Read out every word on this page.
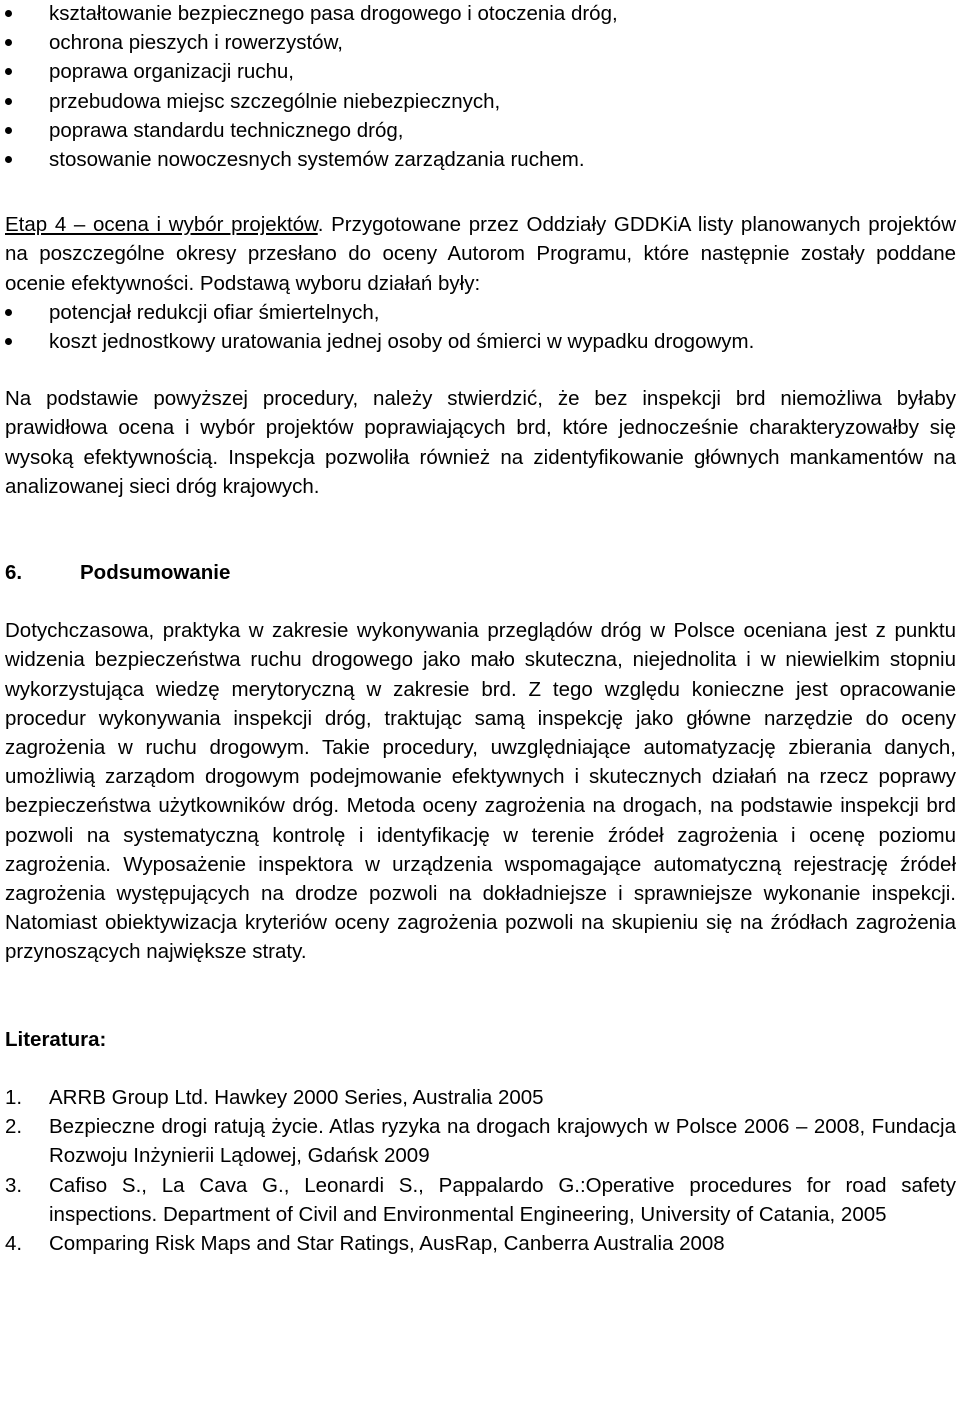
kształtowanie bezpiecznego pasa drogowego i otoczenia dróg,
ochrona pieszych i rowerzystów,
poprawa organizacji ruchu,
przebudowa miejsc szczególnie niebezpiecznych,
poprawa standardu technicznego dróg,
stosowanie nowoczesnych systemów zarządzania ruchem.

Etap 4 – ocena i wybór projektów. Przygotowane przez Oddziały GDDKiA listy planowanych projektów na poszczególne okresy przesłano do oceny Autorom Programu, które następnie zostały poddane ocenie efektywności. Podstawą wyboru działań były:

potencjał redukcji ofiar śmiertelnych,
koszt jednostkowy uratowania jednej osoby od śmierci w wypadku drogowym.

Na podstawie powyższej procedury, należy stwierdzić, że bez inspekcji brd niemożliwa byłaby prawidłowa ocena i wybór projektów poprawiających brd, które jednocześnie charakteryzowałby się wysoką efektywnością. Inspekcja pozwoliła również na zidentyfikowanie głównych mankamentów na analizowanej sieci dróg krajowych.

6.	Podsumowanie

Dotychczasowa, praktyka w zakresie wykonywania przeglądów dróg w Polsce oceniana jest z punktu widzenia bezpieczeństwa ruchu drogowego jako mało skuteczna, niejednolita i w niewielkim stopniu wykorzystująca wiedzę merytoryczną w zakresie brd. Z tego względu konieczne jest opracowanie procedur wykonywania inspekcji dróg, traktując samą inspekcję jako główne narzędzie do oceny zagrożenia w ruchu drogowym. Takie procedury, uwzględniające automatyzację zbierania danych, umożliwią zarządom drogowym podejmowanie efektywnych i skutecznych działań na rzecz poprawy bezpieczeństwa użytkowników dróg. Metoda oceny zagrożenia na drogach, na podstawie inspekcji brd pozwoli na systematyczną kontrolę i identyfikację w terenie źródeł zagrożenia i ocenę poziomu zagrożenia. Wyposażenie inspektora w urządzenia wspomagające automatyczną rejestrację źródeł zagrożenia występujących na drodze pozwoli na dokładniejsze i sprawniejsze wykonanie inspekcji. Natomiast obiektywizacja kryteriów oceny zagrożenia pozwoli na skupieniu się na źródłach zagrożenia przynoszących największe straty.

Literatura:
1. ARRB Group Ltd. Hawkey 2000 Series, Australia 2005
2. Bezpieczne drogi ratują życie. Atlas ryzyka na drogach krajowych w Polsce 2006 – 2008, Fundacja Rozwoju Inżynierii Lądowej, Gdańsk 2009
3. Cafiso S., La Cava G., Leonardi S., Pappalardo G.:Operative procedures for road safety inspections. Department of Civil and Environmental Engineering, University of Catania, 2005
4. Comparing Risk Maps and Star Ratings, AusRap, Canberra Australia 2008
